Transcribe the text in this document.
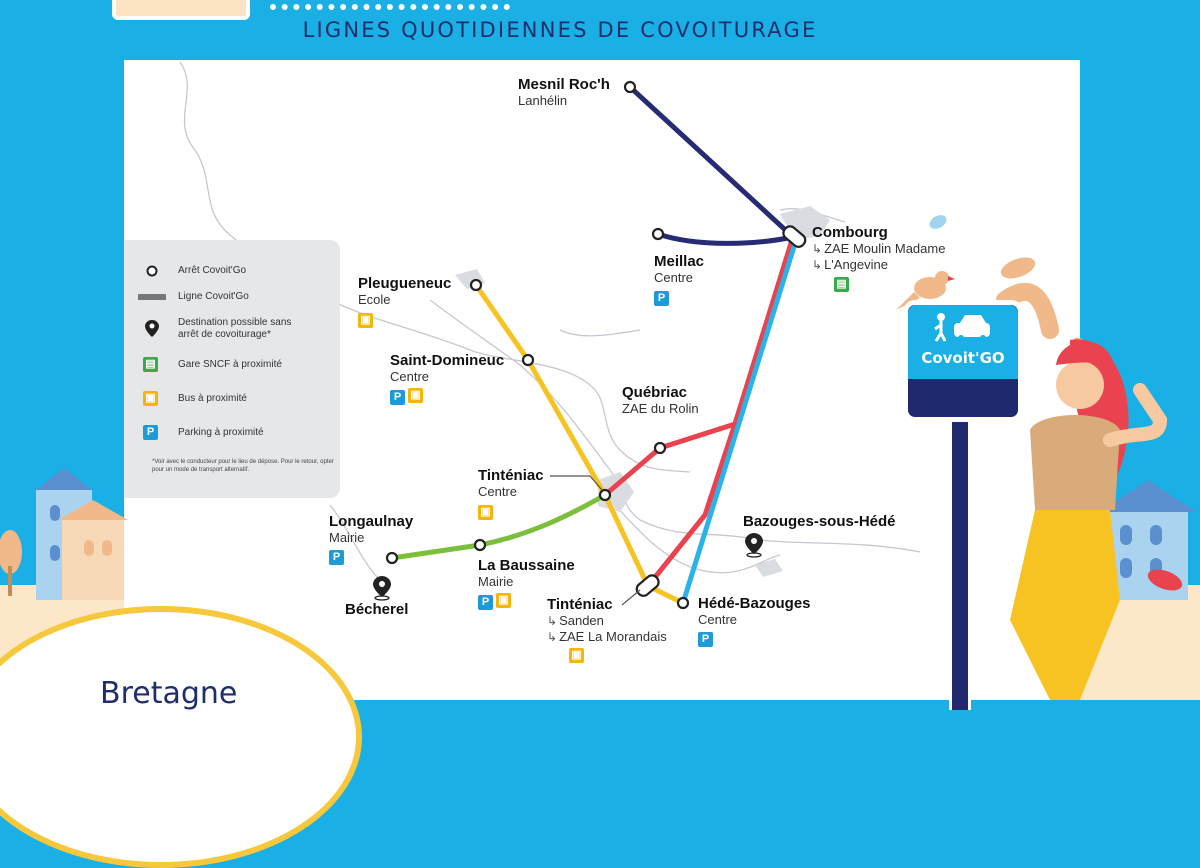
LIGNES QUOTIDIENNES DE COVOITURAGE
Arrêt Covoit'Go
Ligne Covoit'Go
Destination possible sans arrêt de covoiturage*
▤ Gare SNCF à proximité
▣ Bus à proximité
P	Parking à proximité
*Voir avec le conducteur pour le lieu de dépose. Pour le retour, opter pour un mode de transport alternatif.
Mesnil Roc'h
Lanhélin
Combourg
↳ ZAE Moulin Madame
↳ L'Angevine
▤
Meillac
Centre
P
Pleugueneuc
Ecole
▣
Saint-Domineuc
Centre
P ▣	Québriac
ZAE du Rolin
Tinténiac
Centre
▣
Longaulnay
Mairie
P	La Baussaine
Mairie
P ▣
Bécherel
Bazouges-sous-Hédé
Tinténiac
↳ Sanden
↳ ZAE La Morandais
▣
Hédé-Bazouges
Centre
P
Covoit'GO
Bretagne
